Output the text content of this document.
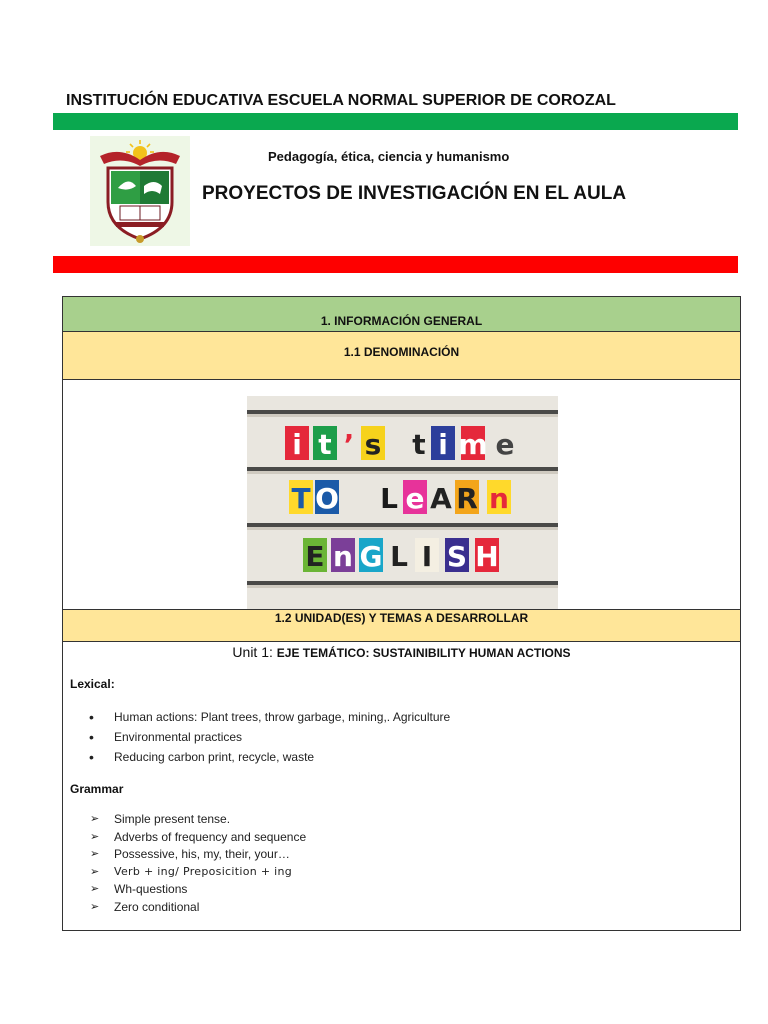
INSTITUCIÓN EDUCATIVA ESCUELA NORMAL SUPERIOR DE COROZAL
Pedagogía, ética, ciencia y humanismo
PROYECTOS DE INVESTIGACIÓN EN EL AULA
1. INFORMACIÓN GENERAL
1.1 DENOMINACIÓN
i t ’ s t i m e
T O L e A R n
E n G L I S H
1.2 UNIDAD(ES) Y TEMAS A DESARROLLAR
Unit 1: EJE TEMÁTICO: SUSTAINIBILITY HUMAN ACTIONS
Lexical:
• Human actions: Plant trees, throw garbage, mining,. Agriculture
• Environmental practices
• Reducing carbon print, recycle, waste
Grammar
➢ Simple present tense.
➢ Adverbs of frequency and sequence
➢ Possessive, his, my, their, your…
➢ Verb + ing/ Preposicition + ing
➢ Wh-questions
➢ Zero conditional
